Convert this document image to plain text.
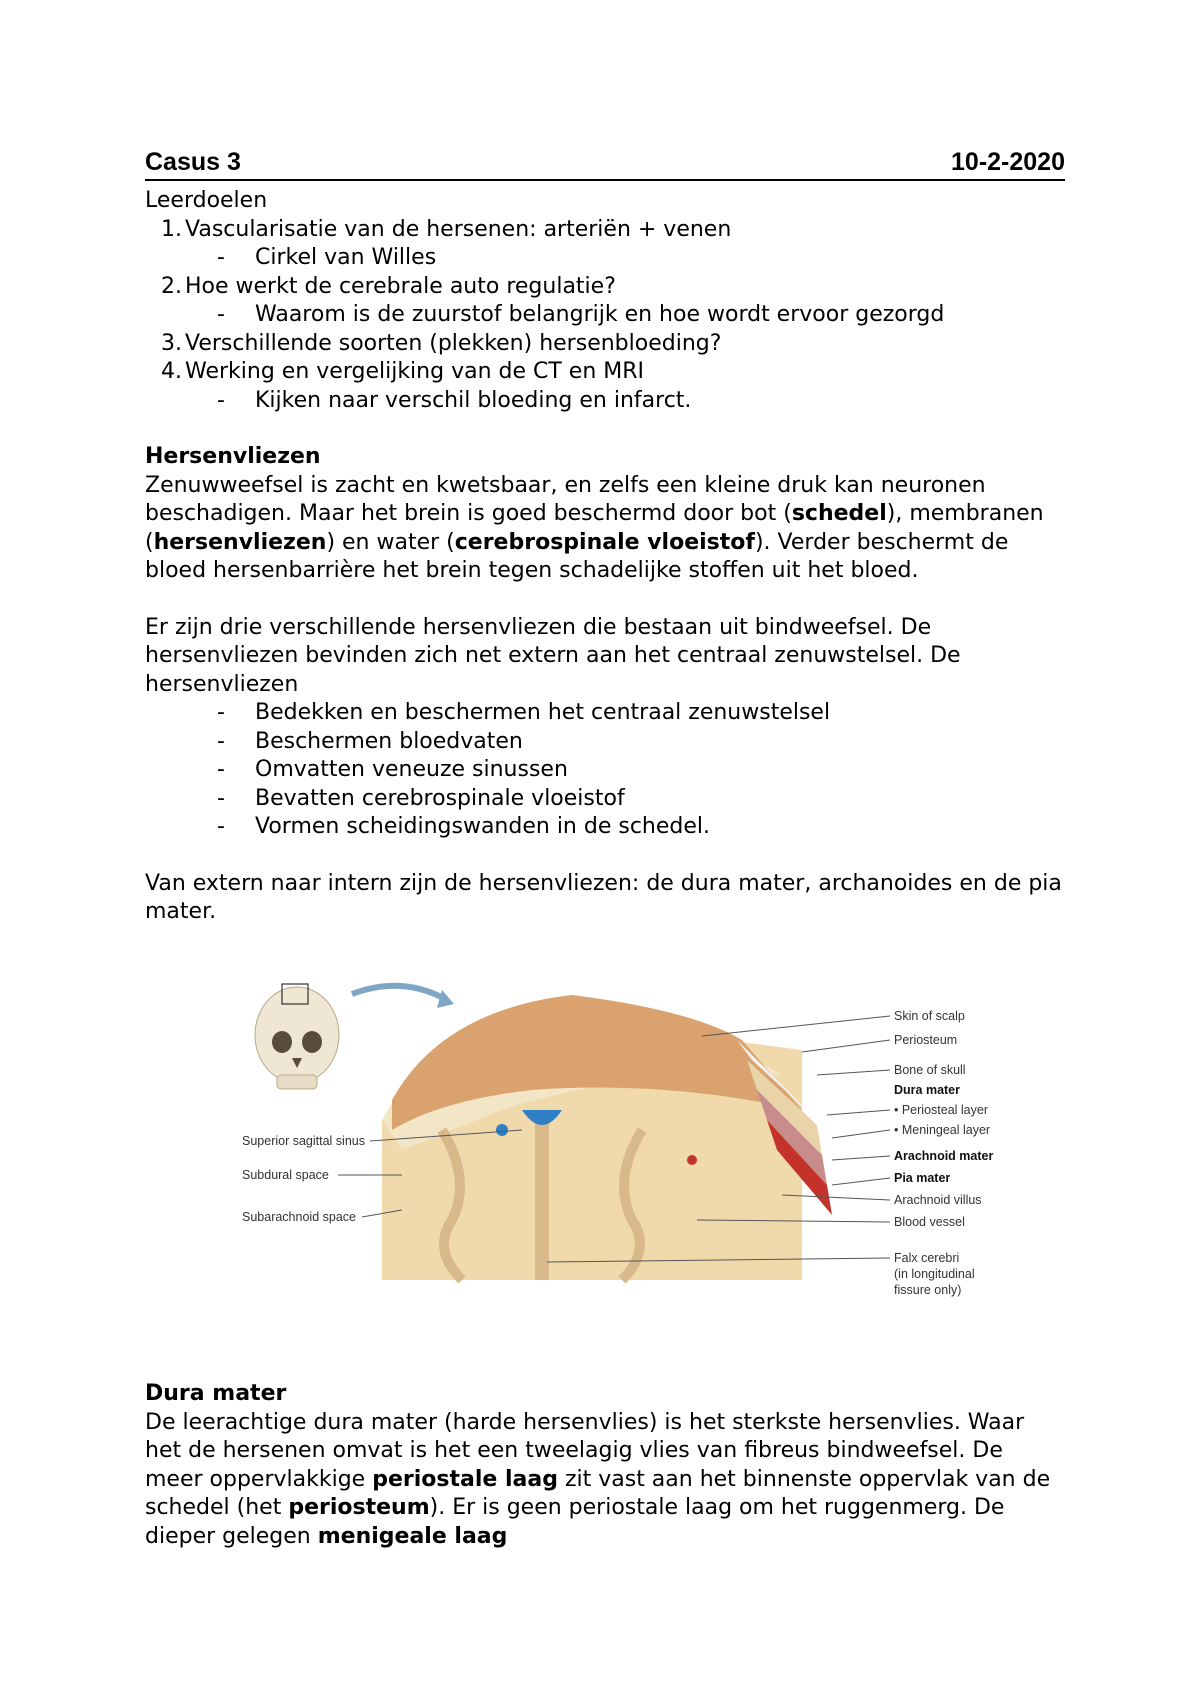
Casus 3	10-2-2020
Leerdoelen
1. Vascularisatie van de hersenen: arteriën + venen
- Cirkel van Willes
2. Hoe werkt de cerebrale auto regulatie?
- Waarom is de zuurstof belangrijk en hoe wordt ervoor gezorgd
3. Verschillende soorten (plekken) hersenbloeding?
4. Werking en vergelijking van de CT en MRI
- Kijken naar verschil bloeding en infarct.
Hersenvliezen
Zenuwweefsel is zacht en kwetsbaar, en zelfs een kleine druk kan neuronen beschadigen. Maar het brein is goed beschermd door bot (schedel), membranen (hersenvliezen) en water (cerebrospinale vloeistof). Verder beschermt de bloed hersenbarrière het brein tegen schadelijke stoffen uit het bloed.
Er zijn drie verschillende hersenvliezen die bestaan uit bindweefsel. De hersenvliezen bevinden zich net extern aan het centraal zenuwstelsel. De hersenvliezen
- Bedekken en beschermen het centraal zenuwstelsel
- Beschermen bloedvaten
- Omvatten veneuze sinussen
- Bevatten cerebrospinale vloeistof
- Vormen scheidingswanden in de schedel.
Van extern naar intern zijn de hersenvliezen: de dura mater, archanoides en de pia mater.
Superior sagittal sinus
Subdural space
Subarachnoid space
Skin of scalp
Periosteum
Bone of skull
Dura mater
• Periosteal layer
• Meningeal layer
Arachnoid mater
Pia mater
Arachnoid villus
Blood vessel
Falx cerebri
(in longitudinal
fissure only)
Dura mater
De leerachtige dura mater (harde hersenvlies) is het sterkste hersenvlies. Waar het de hersenen omvat is het een tweelagig vlies van fibreus bindweefsel. De meer oppervlakkige periostale laag zit vast aan het binnenste oppervlak van de schedel (het periosteum). Er is geen periostale laag om het ruggenmerg. De dieper gelegen menigeale laag
